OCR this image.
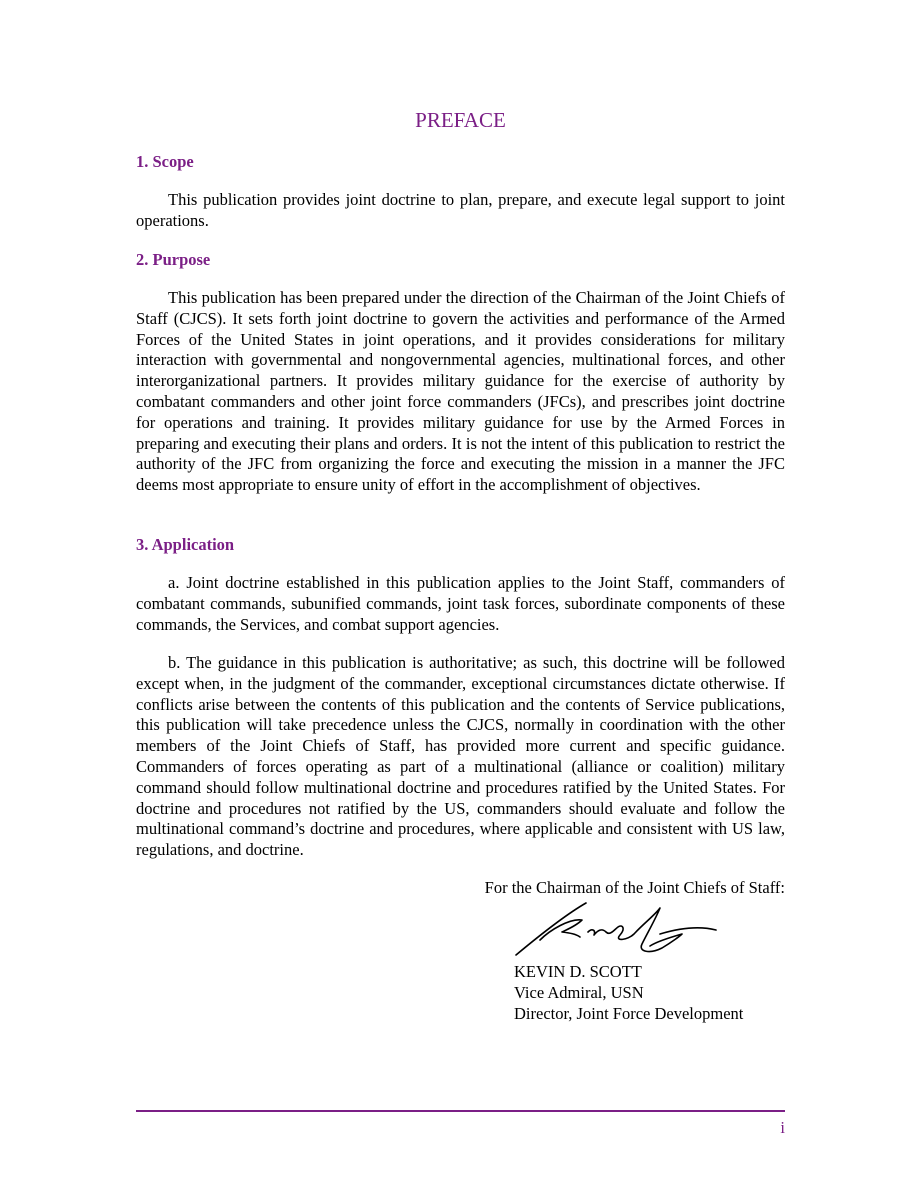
PREFACE
1. Scope

This publication provides joint doctrine to plan, prepare, and execute legal support to joint operations.

2. Purpose

This publication has been prepared under the direction of the Chairman of the Joint Chiefs of Staff (CJCS). It sets forth joint doctrine to govern the activities and performance of the Armed Forces of the United States in joint operations, and it provides considerations for military interaction with governmental and nongovernmental agencies, multinational forces, and other interorganizational partners. It provides military guidance for the exercise of authority by combatant commanders and other joint force commanders (JFCs), and prescribes joint doctrine for operations and training. It provides military guidance for use by the Armed Forces in preparing and executing their plans and orders. It is not the intent of this publication to restrict the authority of the JFC from organizing the force and executing the mission in a manner the JFC deems most appropriate to ensure unity of effort in the accomplishment of objectives.

3. Application

a. Joint doctrine established in this publication applies to the Joint Staff, commanders of combatant commands, subunified commands, joint task forces, subordinate components of these commands, the Services, and combat support agencies.

b. The guidance in this publication is authoritative; as such, this doctrine will be followed except when, in the judgment of the commander, exceptional circumstances dictate otherwise. If conflicts arise between the contents of this publication and the contents of Service publications, this publication will take precedence unless the CJCS, normally in coordination with the other members of the Joint Chiefs of Staff, has provided more current and specific guidance. Commanders of forces operating as part of a multinational (alliance or coalition) military command should follow multinational doctrine and procedures ratified by the United States. For doctrine and procedures not ratified by the US, commanders should evaluate and follow the multinational command’s doctrine and procedures, where applicable and consistent with US law, regulations, and doctrine.

For the Chairman of the Joint Chiefs of Staff:
KEVIN D. SCOTT
Vice Admiral, USN
Director, Joint Force Development
i
